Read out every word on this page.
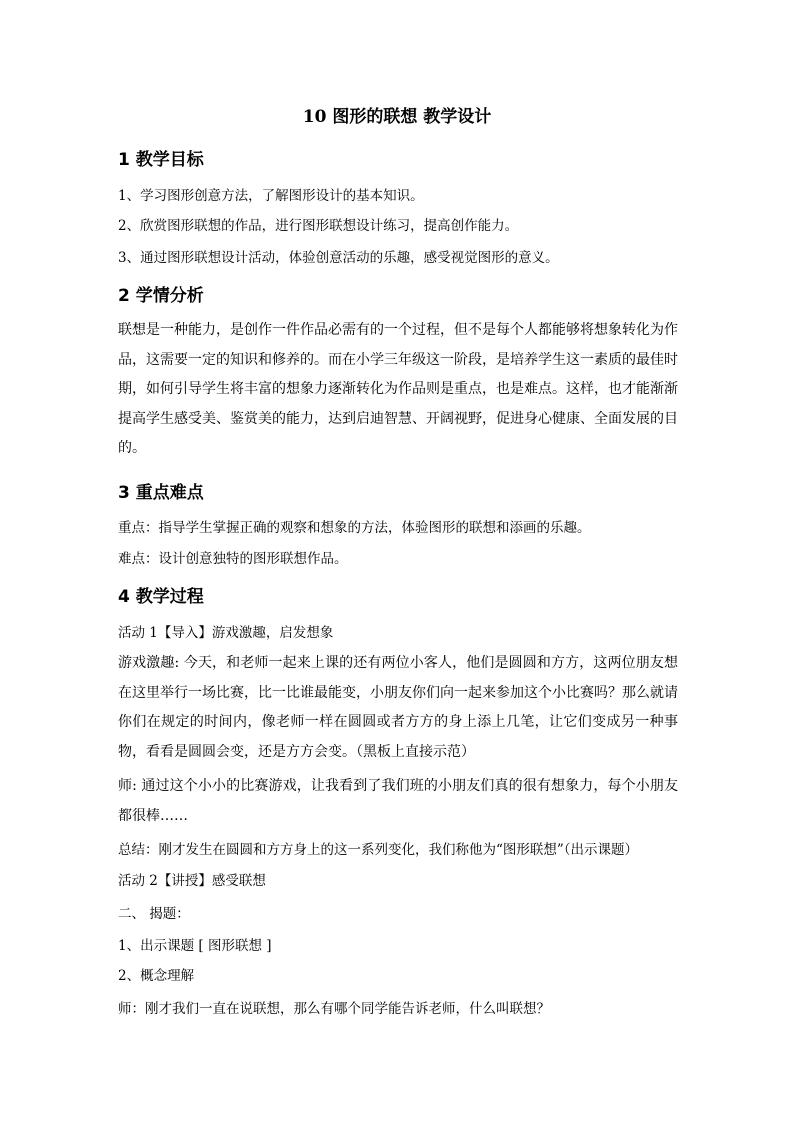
10 图形的联想 教学设计
1 教学目标
1、学习图形创意方法，了解图形设计的基本知识。
2、欣赏图形联想的作品，进行图形联想设计练习，提高创作能力。
3、通过图形联想设计活动，体验创意活动的乐趣，感受视觉图形的意义。
2 学情分析
联想是一种能力，是创作一件作品必需有的一个过程，但不是每个人都能够将想象转化为作品，这需要一定的知识和修养的。而在小学三年级这一阶段，是培养学生这一素质的最佳时期，如何引导学生将丰富的想象力逐渐转化为作品则是重点，也是难点。这样，也才能渐渐提高学生感受美、鉴赏美的能力，达到启迪智慧、开阔视野，促进身心健康、全面发展的目的。
3 重点难点
重点：指导学生掌握正确的观察和想象的方法，体验图形的联想和添画的乐趣。
难点：设计创意独特的图形联想作品。
4 教学过程
活动 1【导入】游戏激趣，启发想象
游戏激趣: 今天，和老师一起来上课的还有两位小客人，他们是圆圆和方方，这两位朋友想在这里举行一场比赛，比一比谁最能变，小朋友你们向一起来参加这个小比赛吗？那么就请你们在规定的时间内，像老师一样在圆圆或者方方的身上添上几笔，让它们变成另一种事物，看看是圆圆会变，还是方方会变。（黑板上直接示范）
师: 通过这个小小的比赛游戏，让我看到了我们班的小朋友们真的很有想象力，每个小朋友都很棒……
总结：刚才发生在圆圆和方方身上的这一系列变化，我们称他为“图形联想”（出示课题）
活动 2【讲授】感受联想
二、 揭题：
1、出示课题 [ 图形联想 ]
2、概念理解
师：刚才我们一直在说联想，那么有哪个同学能告诉老师，什么叫联想？
